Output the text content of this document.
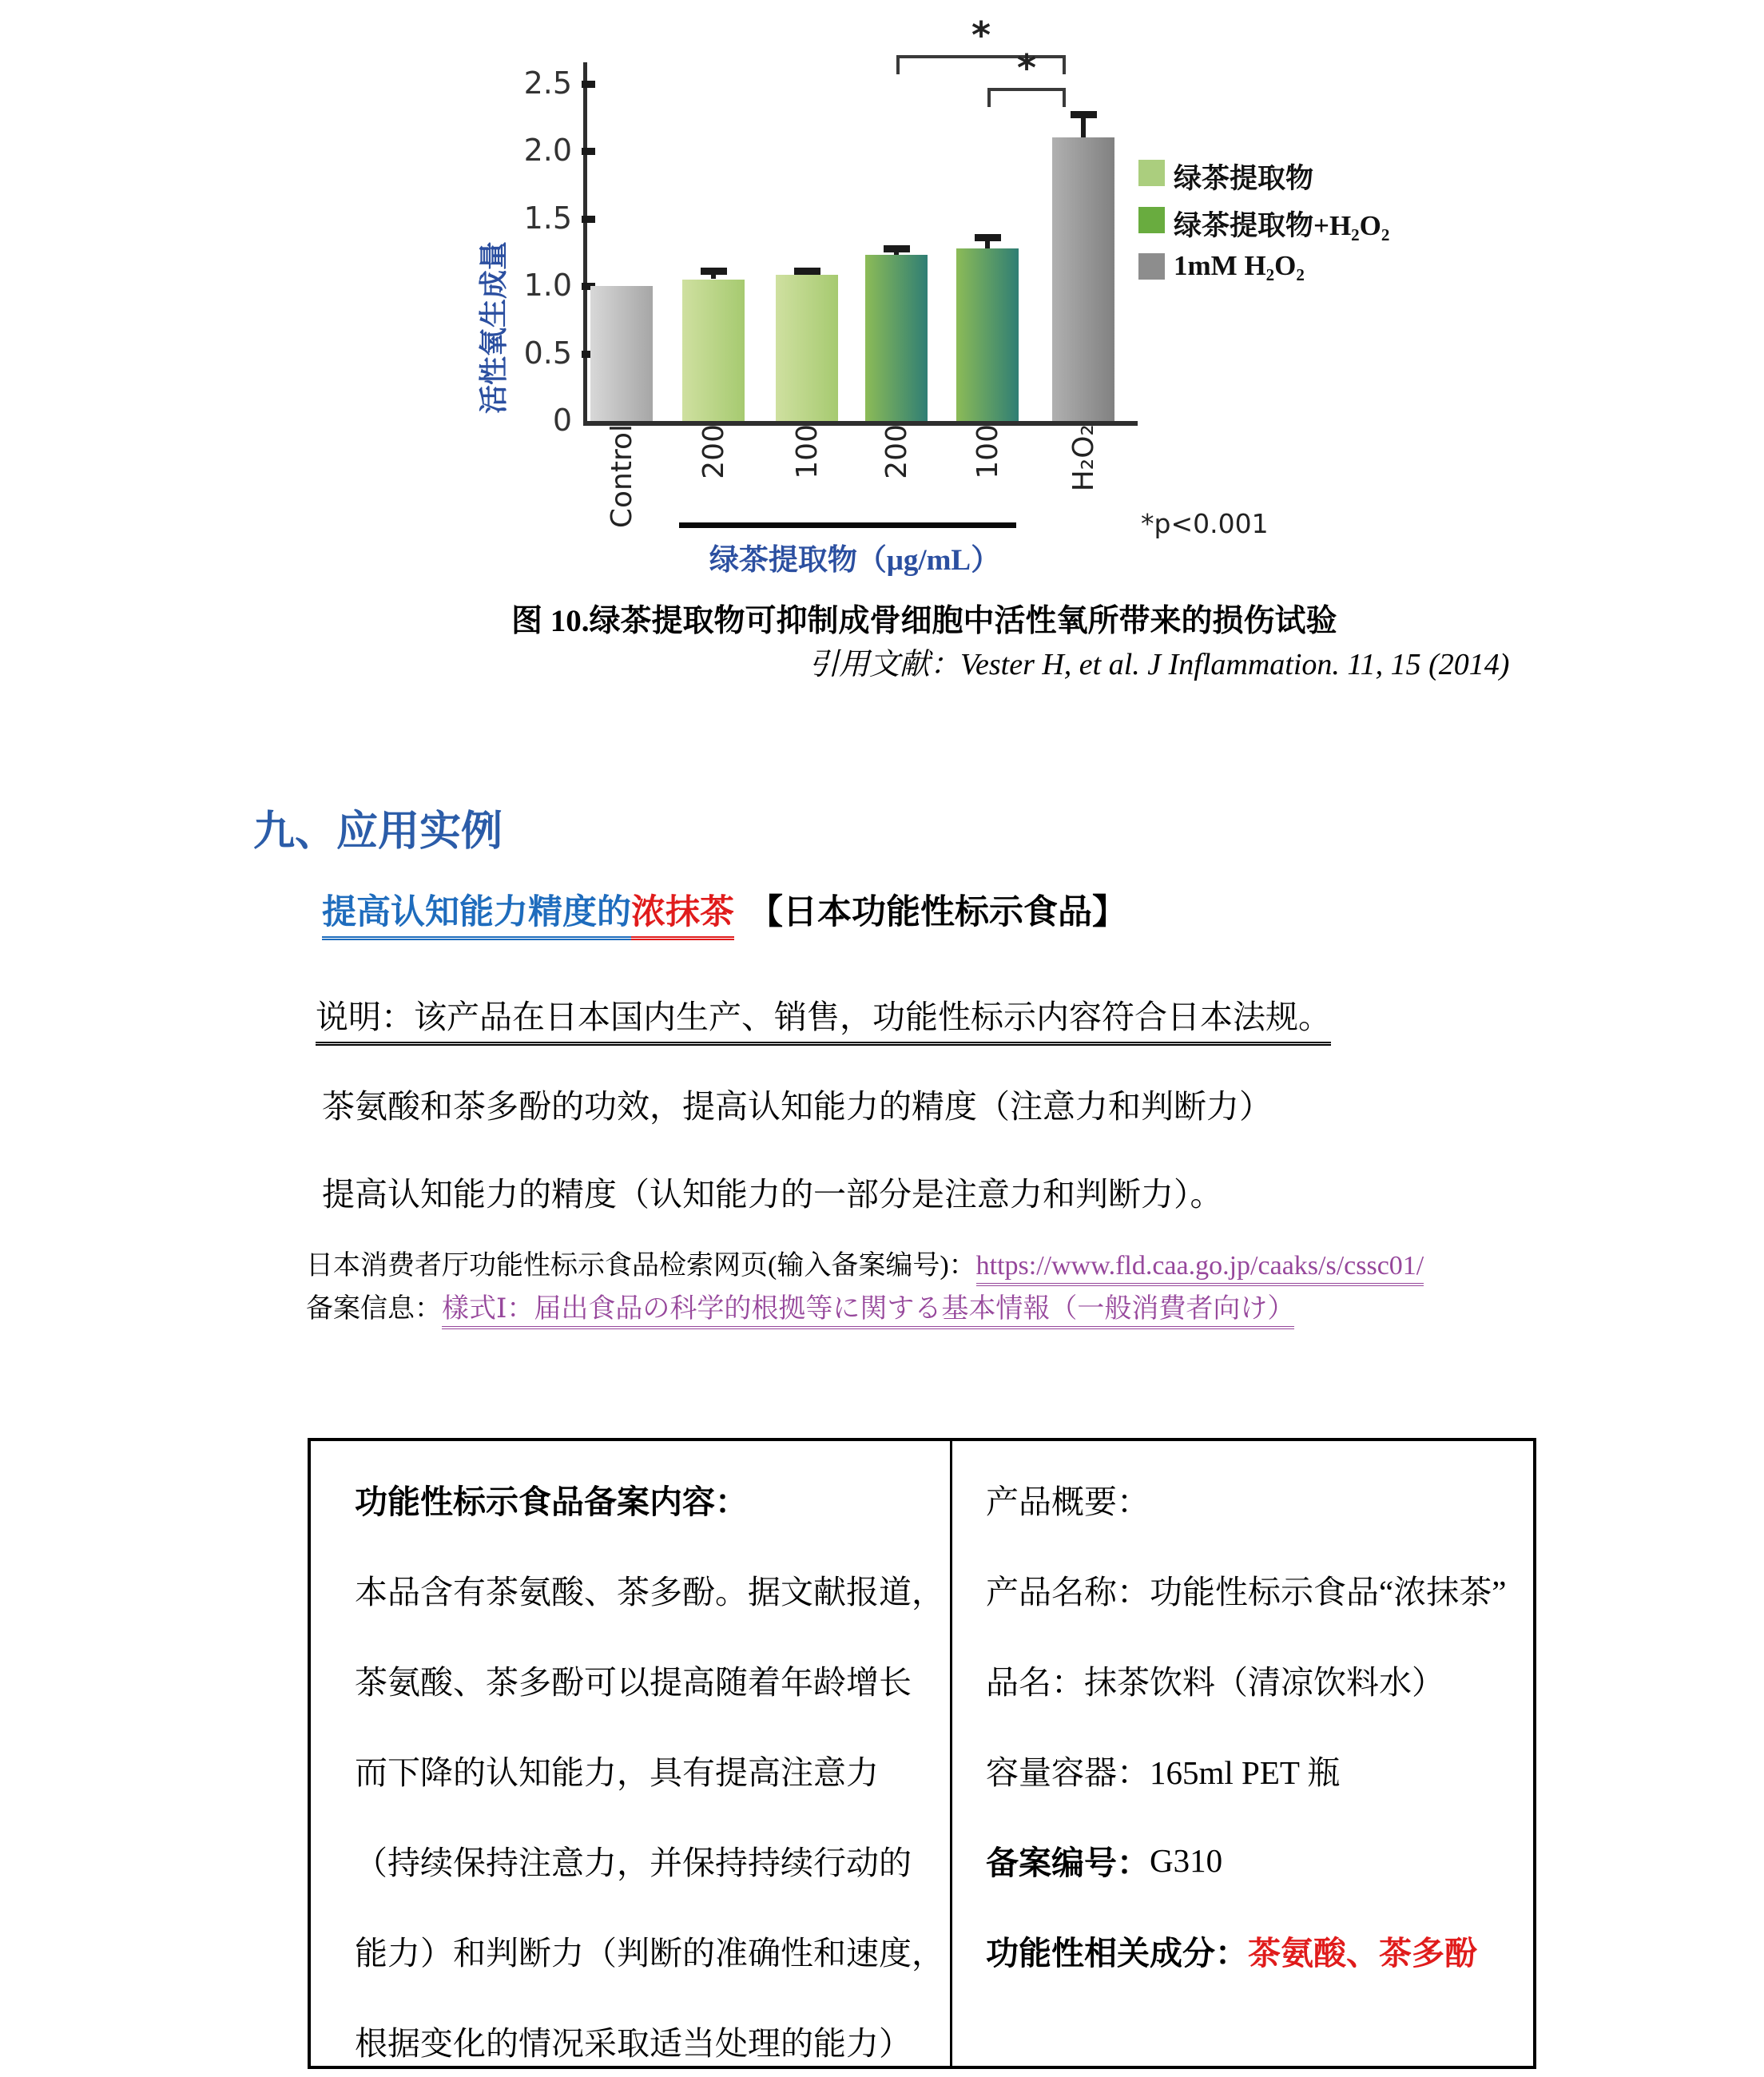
0
0.5
1.0
1.5
2.0
2.5
Control 200 100 200 100 H₂O₂
*
*
绿茶提取物
绿茶提取物+H₂O₂
1mM H₂O₂
活性氧生成量
绿茶提取物（μg/mL）
*p<0.001
图 10.绿茶提取物可抑制成骨细胞中活性氧所带来的损伤试验
引用文献：Vester H, et al. J Inflammation. 11, 15 (2014)
九、应用实例
提高认知能力精度的浓抹茶 【日本功能性标示食品】
说明：该产品在日本国内生产、销售，功能性标示内容符合日本法规。
茶氨酸和茶多酚的功效，提高认知能力的精度（注意力和判断力）
提高认知能力的精度（认知能力的一部分是注意力和判断力）。
日本消费者厅功能性标示食品检索网页(输入备案编号)：https://www.fld.caa.go.jp/caaks/s/cssc01/
备案信息：樣式Ⅰ：届出食品の科学的根拠等に関する基本情報（一般消費者向け）
功能性标示食品备案内容：
本品含有茶氨酸、茶多酚。据文献报道，
茶氨酸、茶多酚可以提高随着年龄增长
而下降的认知能力，具有提高注意力
（持续保持注意力，并保持持续行动的
能力）和判断力（判断的准确性和速度，
根据变化的情况采取适当处理的能力）
产品概要：
产品名称： 功能性标示食品“浓抹茶”
品名： 抹茶饮料（清凉饮料水）
容量容器： 165ml PET 瓶
备案编号： G310
功能性相关成分： 茶氨酸、茶多酚
